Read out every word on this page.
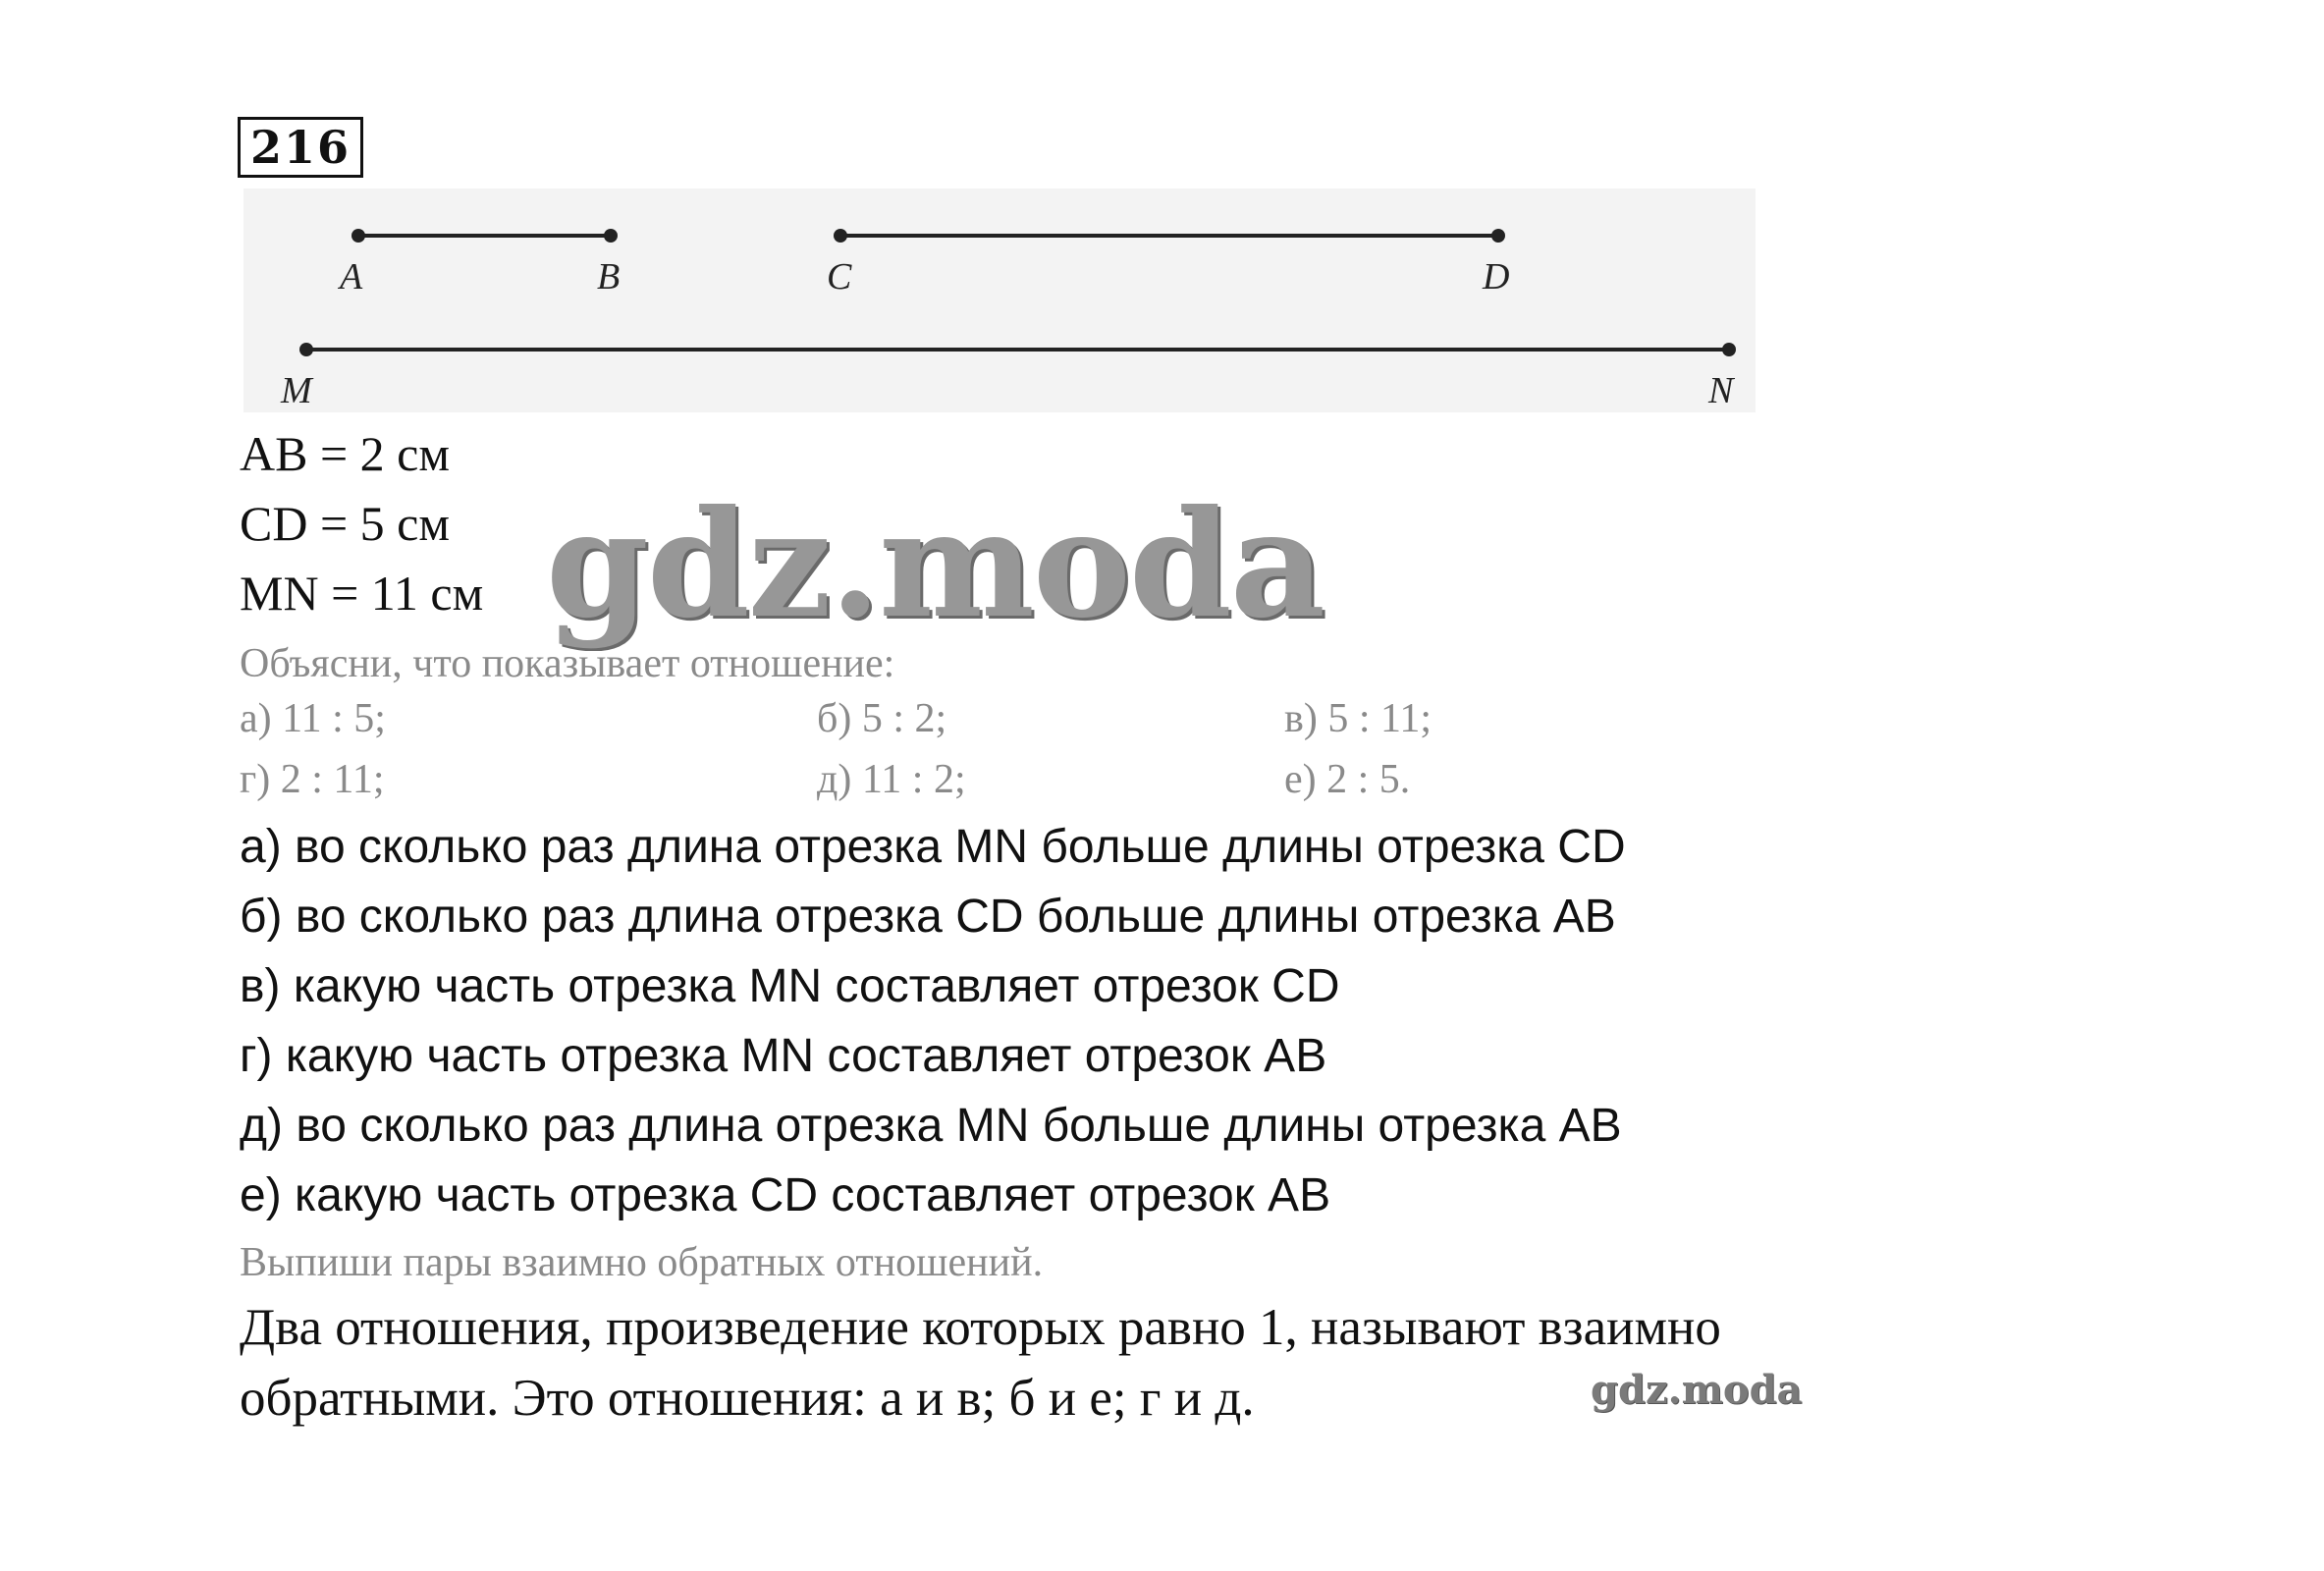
216
A	B	C	D
M	N
AB = 2 см
CD = 5 см
MN = 11 см
Объясни, что показывает отношение:
а) 11 : 5;	б) 5 : 2;	в) 5 : 11;
г) 2 : 11;	д) 11 : 2;	е) 2 : 5.
а) во сколько раз длина отрезка MN больше длины отрезка CD
б) во сколько раз длина отрезка CD больше длины отрезка AB
в) какую часть отрезка MN составляет отрезок CD
г) какую часть отрезка MN составляет отрезок AB
д) во сколько раз длина отрезка MN больше длины отрезка AB
е) какую часть отрезка CD составляет отрезок AB
Выпиши пары взаимно обратных отношений.
Два отношения, произведение которых равно 1, называют взаимно
обратными. Это отношения: а и в; б и е; г и д.
gdz.moda
gdz.moda
